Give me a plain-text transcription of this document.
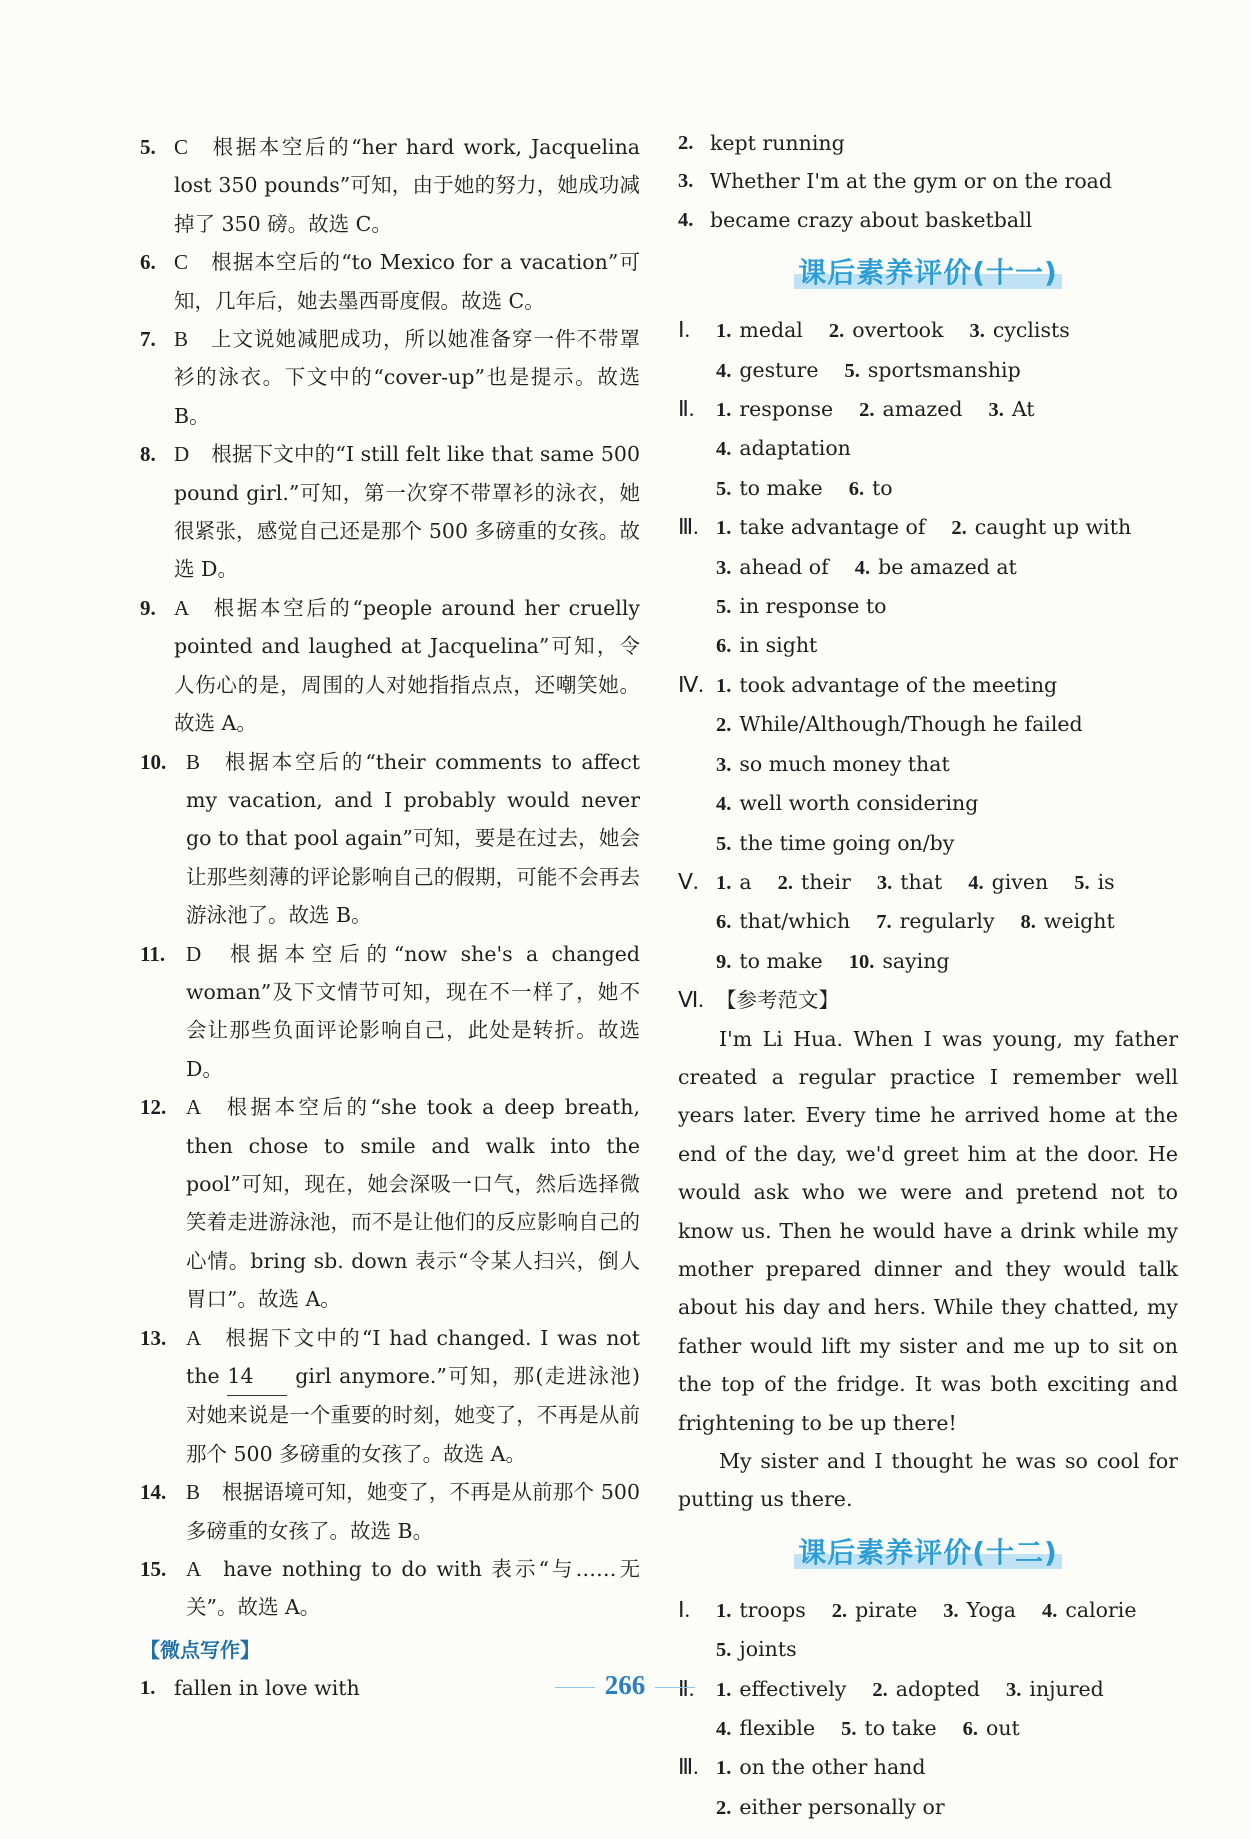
5. C 根据本空后的“her hard work, Jacquelina lost 350 pounds”可知，由于她的努力，她成功减掉了 350 磅。故选 C。
6. C 根据本空后的“to Mexico for a vacation”可知，几年后，她去墨西哥度假。故选 C。
7. B 上文说她减肥成功，所以她准备穿一件不带罩衫的泳衣。下文中的“cover-up”也是提示。故选 B。
8. D 根据下文中的“I still felt like that same 500 pound girl.”可知，第一次穿不带罩衫的泳衣，她很紧张，感觉自己还是那个 500 多磅重的女孩。故选 D。
9. A 根据本空后的“people around her cruelly pointed and laughed at Jacquelina”可知，令人伤心的是，周围的人对她指指点点，还嘲笑她。故选 A。
10. B 根据本空后的“their comments to affect my vacation, and I probably would never go to that pool again”可知，要是在过去，她会让那些刻薄的评论影响自己的假期，可能不会再去游泳池了。故选 B。
11. D 根据本空后的“now she's a changed woman”及下文情节可知，现在不一样了，她不会让那些负面评论影响自己，此处是转折。故选 D。
12. A 根据本空后的“she took a deep breath, then chose to smile and walk into the pool”可知，现在，她会深吸一口气，然后选择微笑着走进游泳池，而不是让他们的反应影响自己的心情。bring sb. down 表示“令某人扫兴，倒人胃口”。故选 A。
13. A 根据下文中的“I had changed. I was not the 14 girl anymore.”可知，那(走进泳池)对她来说是一个重要的时刻，她变了，不再是从前那个 500 多磅重的女孩了。故选 A。
14. B 根据语境可知，她变了，不再是从前那个 500 多磅重的女孩了。故选 B。
15. A have nothing to do with 表示“与……无关”。故选 A。
【微点写作】
1. fallen in love with
2. kept running
3. Whether I'm at the gym or on the road
4. became crazy about basketball
课后素养评价(十一)
Ⅰ.	1. medal 2. overtook 3. cyclists
4. gesture 5. sportsmanship
Ⅱ.	1. response 2. amazed 3. At
4. adaptation
5. to make 6. to
Ⅲ. 1. take advantage of 2. caught up with
3. ahead of 4. be amazed at
5. in response to
6. in sight
Ⅳ. 1. took advantage of the meeting
2. While/Although/Though he failed
3. so much money that
4. well worth considering
5. the time going on/by
Ⅴ. 1. a 2. their 3. that 4. given 5. is
6. that/which 7. regularly 8. weight
9. to make 10. saying
Ⅵ. 【参考范文】

I'm Li Hua. When I was young, my father created a regular practice I remember well years later. Every time he arrived home at the end of the day, we'd greet him at the door. He would ask who we were and pretend not to know us. Then he would have a drink while my mother prepared dinner and they would talk about his day and hers. While they chatted, my father would lift my sister and me up to sit on the top of the fridge. It was both exciting and frightening to be up there!

My sister and I thought he was so cool for putting us there.

课后素养评价(十二)
Ⅰ.	1. troops 2. pirate 3. Yoga 4. calorie
5. joints
Ⅱ.	1. effectively 2. adopted 3. injured
4. flexible 5. to take 6. out
Ⅲ. 1. on the other hand
2. either personally or
266
